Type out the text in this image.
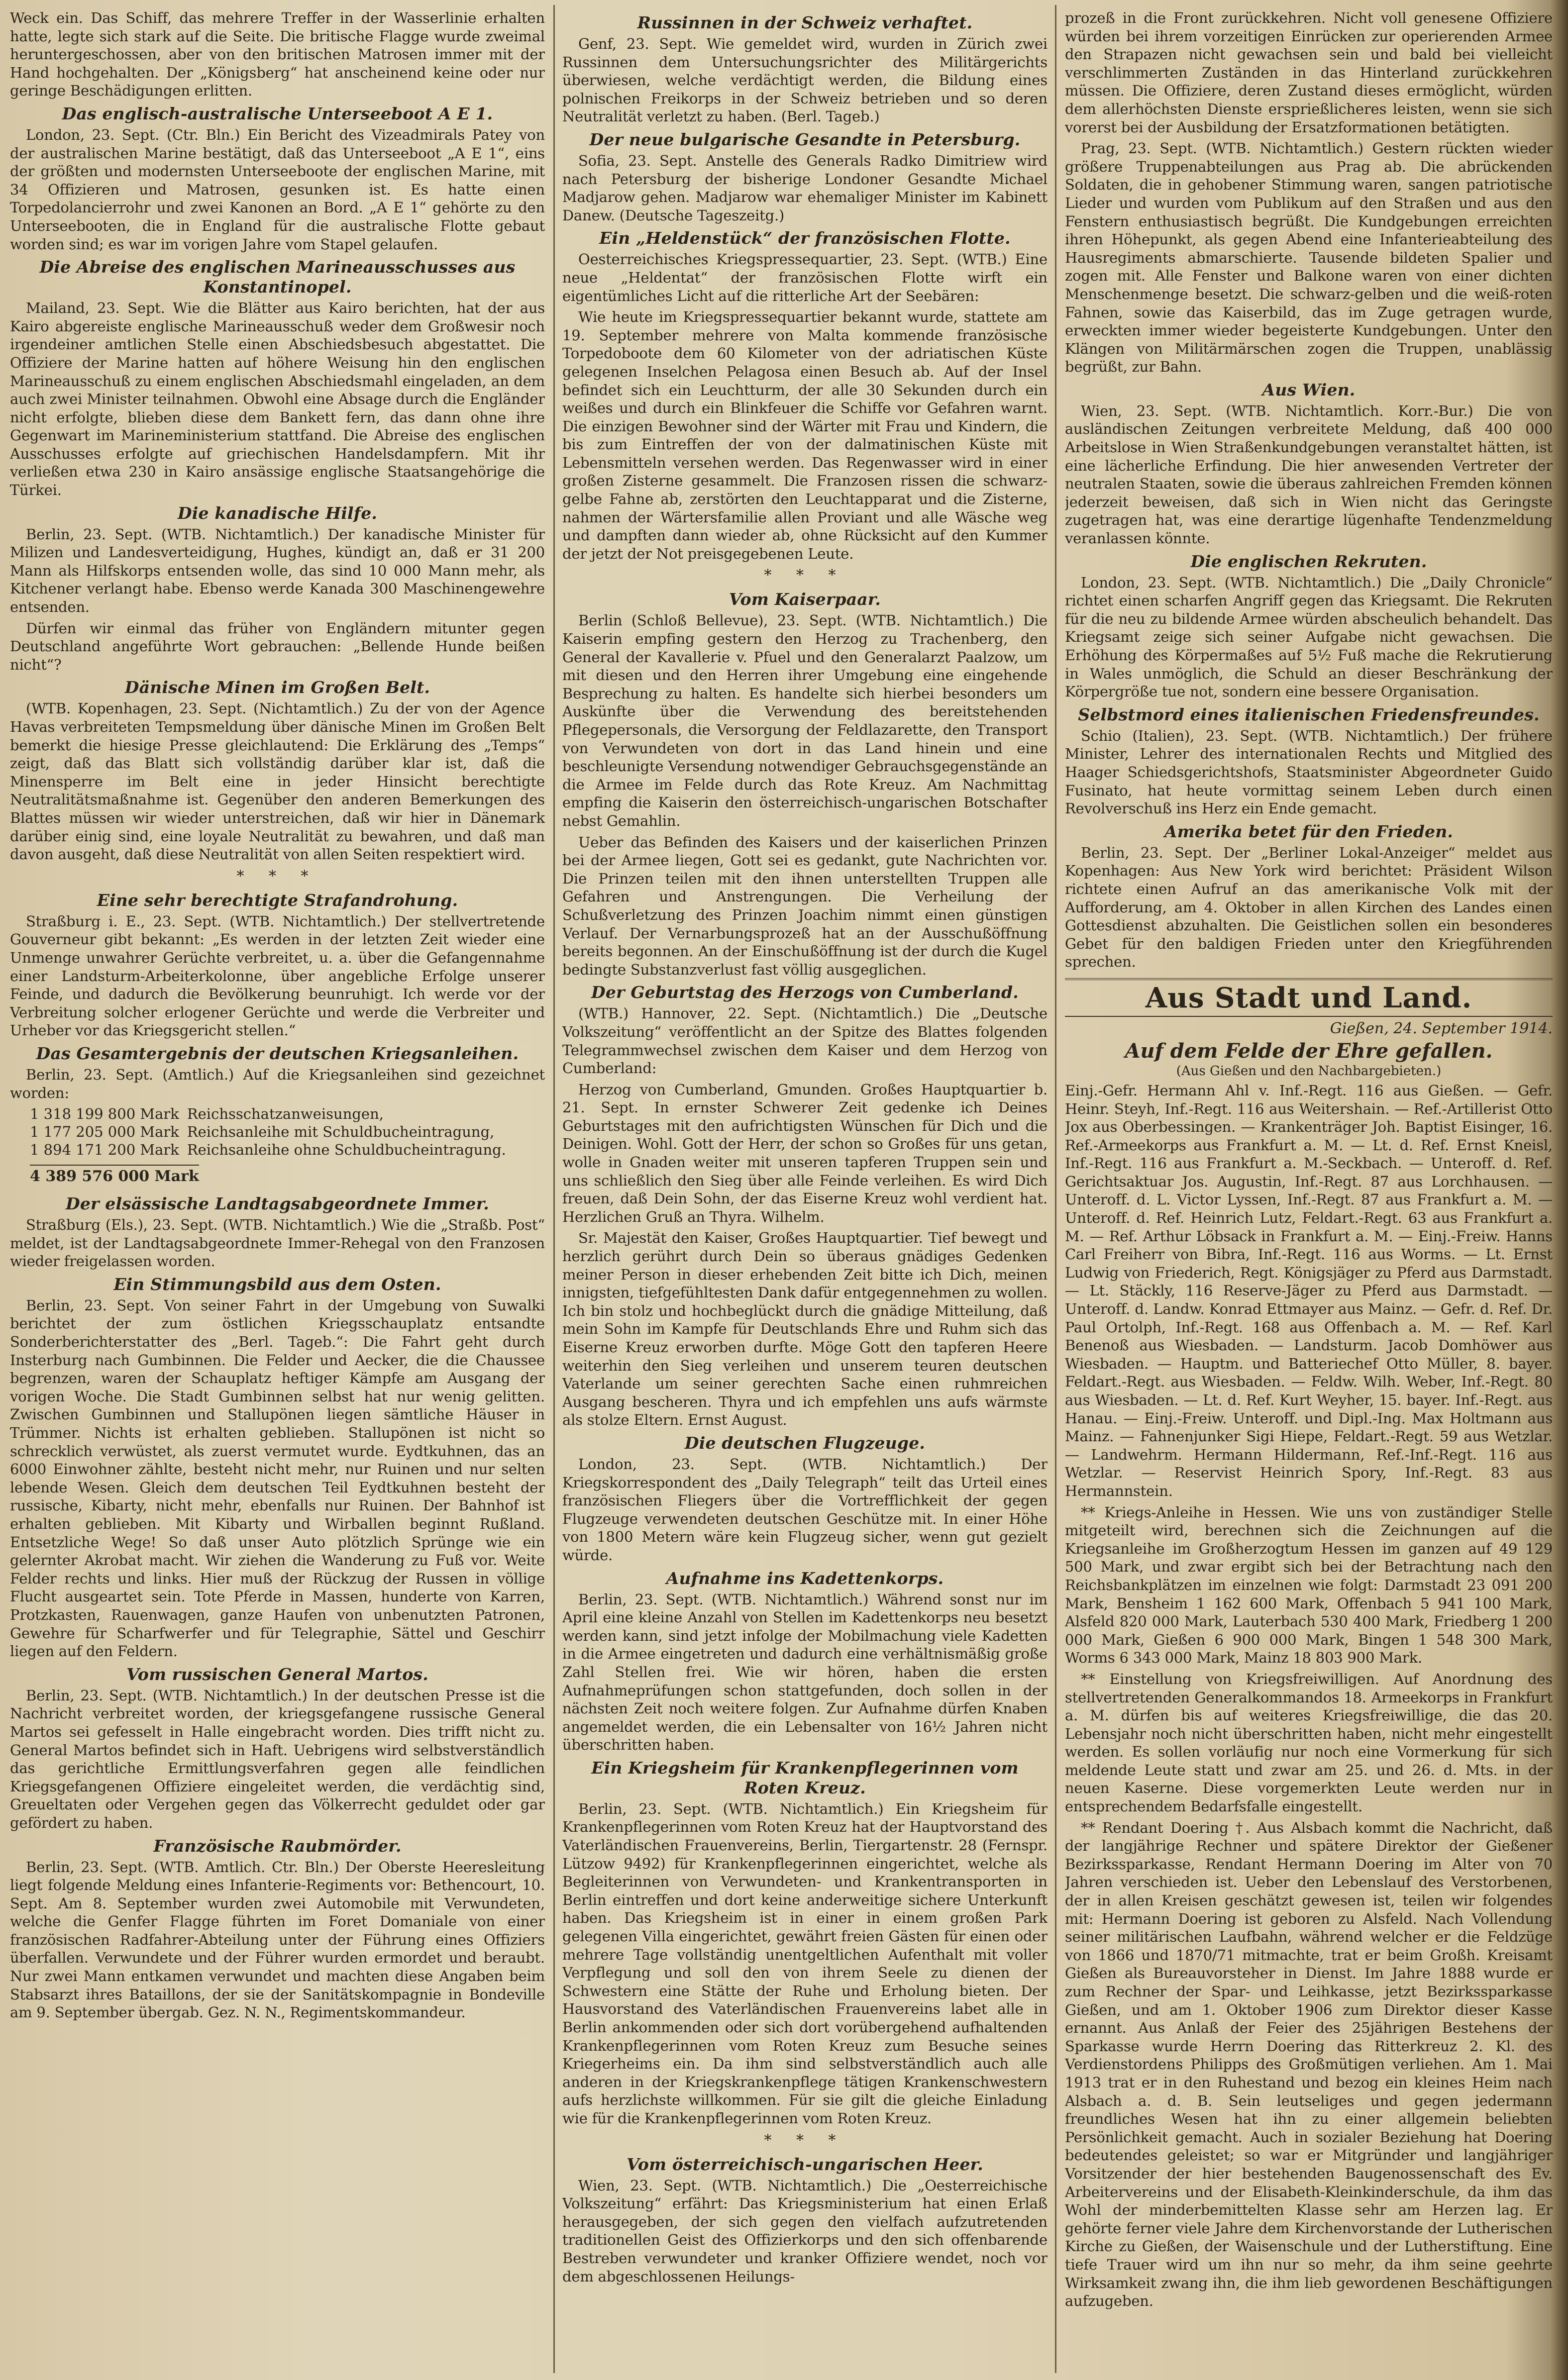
Weck ein. Das Schiff, das mehrere Treffer in der Wasserlinie erhalten hatte, legte sich stark auf die Seite. Die britische Flagge wurde zweimal heruntergeschossen, aber von den britischen Matrosen immer mit der Hand hochgehalten. Der „Königsberg“ hat anscheinend keine oder nur geringe Beschädigungen erlitten.

Das englisch-australische Unterseeboot A E 1.

London, 23. Sept. (Ctr. Bln.) Ein Bericht des Vizeadmirals Patey von der australischen Marine bestätigt, daß das Unterseeboot „A E 1“, eins der größten und modernsten Unterseeboote der englischen Marine, mit 34 Offizieren und Matrosen, gesunken ist. Es hatte einen Torpedolancierrohr und zwei Kanonen an Bord. „A E 1“ gehörte zu den Unterseebooten, die in England für die australische Flotte gebaut worden sind; es war im vorigen Jahre vom Stapel gelaufen.

Die Abreise des englischen Marineausschusses aus Konstantinopel.

Mailand, 23. Sept. Wie die Blätter aus Kairo berichten, hat der aus Kairo abgereiste englische Marineausschuß weder dem Großwesir noch irgendeiner amtlichen Stelle einen Abschiedsbesuch abgestattet. Die Offiziere der Marine hatten auf höhere Weisung hin den englischen Marineausschuß zu einem englischen Abschiedsmahl eingeladen, an dem auch zwei Minister teilnahmen. Obwohl eine Absage durch die Engländer nicht erfolgte, blieben diese dem Bankett fern, das dann ohne ihre Gegenwart im Marineministerium stattfand. Die Abreise des englischen Ausschusses erfolgte auf griechischen Handelsdampfern. Mit ihr verließen etwa 230 in Kairo ansässige englische Staatsangehörige die Türkei.

Die kanadische Hilfe.

Berlin, 23. Sept. (WTB. Nichtamtlich.) Der kanadische Minister für Milizen und Landesverteidigung, Hughes, kündigt an, daß er 31 200 Mann als Hilfskorps entsenden wolle, das sind 10 000 Mann mehr, als Kitchener verlangt habe. Ebenso werde Kanada 300 Maschinengewehre entsenden.

Dürfen wir einmal das früher von Engländern mitunter gegen Deutschland angeführte Wort gebrauchen: „Bellende Hunde beißen nicht“?

Dänische Minen im Großen Belt.

(WTB. Kopenhagen, 23. Sept. (Nichtamtlich.) Zu der von der Agence Havas verbreiteten Tempsmeldung über dänische Minen im Großen Belt bemerkt die hiesige Presse gleichlautend: Die Erklärung des „Temps“ zeigt, daß das Blatt sich vollständig darüber klar ist, daß die Minensperre im Belt eine in jeder Hinsicht berechtigte Neutralitätsmaßnahme ist. Gegenüber den anderen Bemerkungen des Blattes müssen wir wieder unterstreichen, daß wir hier in Dänemark darüber einig sind, eine loyale Neutralität zu bewahren, und daß man davon ausgeht, daß diese Neutralität von allen Seiten respektiert wird.

* * *
Eine sehr berechtigte Strafandrohung.

Straßburg i. E., 23. Sept. (WTB. Nichtamtlich.) Der stellvertretende Gouverneur gibt bekannt: „Es werden in der letzten Zeit wieder eine Unmenge unwahrer Gerüchte verbreitet, u. a. über die Gefangennahme einer Landsturm-Arbeiterkolonne, über angebliche Erfolge unserer Feinde, und dadurch die Bevölkerung beunruhigt. Ich werde vor der Verbreitung solcher erlogener Gerüchte und werde die Verbreiter und Urheber vor das Kriegsgericht stellen.“

Das Gesamtergebnis der deutschen Kriegsanleihen.

Berlin, 23. Sept. (Amtlich.) Auf die Kriegsanleihen sind gezeichnet worden:

1 318 199 800 Mark	Reichsschatzanweisungen,
1 177 205 000 Mark	Reichsanleihe mit Schuldbucheintragung,
1 894 171 200 Mark	Reichsanleihe ohne Schuldbucheintragung.
4 389 576 000 Mark
Der elsässische Landtagsabgeordnete Immer.

Straßburg (Els.), 23. Sept. (WTB. Nichtamtlich.) Wie die „Straßb. Post“ meldet, ist der Landtagsabgeordnete Immer-Rehegal von den Franzosen wieder freigelassen worden.

Ein Stimmungsbild aus dem Osten.

Berlin, 23. Sept. Von seiner Fahrt in der Umgebung von Suwalki berichtet der zum östlichen Kriegsschauplatz entsandte Sonderberichterstatter des „Berl. Tageb.“: Die Fahrt geht durch Insterburg nach Gumbinnen. Die Felder und Aecker, die die Chaussee begrenzen, waren der Schauplatz heftiger Kämpfe am Ausgang der vorigen Woche. Die Stadt Gumbinnen selbst hat nur wenig gelitten. Zwischen Gumbinnen und Stallupönen liegen sämtliche Häuser in Trümmer. Nichts ist erhalten geblieben. Stallupönen ist nicht so schrecklich verwüstet, als zuerst vermutet wurde. Eydtkuhnen, das an 6000 Einwohner zählte, besteht nicht mehr, nur Ruinen und nur selten lebende Wesen. Gleich dem deutschen Teil Eydtkuhnen besteht der russische, Kibarty, nicht mehr, ebenfalls nur Ruinen. Der Bahnhof ist erhalten geblieben. Mit Kibarty und Wirballen beginnt Rußland. Entsetzliche Wege! So daß unser Auto plötzlich Sprünge wie ein gelernter Akrobat macht. Wir ziehen die Wanderung zu Fuß vor. Weite Felder rechts und links. Hier muß der Rückzug der Russen in völlige Flucht ausgeartet sein. Tote Pferde in Massen, hunderte von Karren, Protzkasten, Rauenwagen, ganze Haufen von unbenutzten Patronen, Gewehre für Scharfwerfer und für Telegraphie, Sättel und Geschirr liegen auf den Feldern.

Vom russischen General Martos.

Berlin, 23. Sept. (WTB. Nichtamtlich.) In der deutschen Presse ist die Nachricht verbreitet worden, der kriegsgefangene russische General Martos sei gefesselt in Halle eingebracht worden. Dies trifft nicht zu. General Martos befindet sich in Haft. Uebrigens wird selbstverständlich das gerichtliche Ermittlungsverfahren gegen alle feindlichen Kriegsgefangenen Offiziere eingeleitet werden, die verdächtig sind, Greueltaten oder Vergehen gegen das Völkerrecht geduldet oder gar gefördert zu haben.

Französische Raubmörder.

Berlin, 23. Sept. (WTB. Amtlich. Ctr. Bln.) Der Oberste Heeresleitung liegt folgende Meldung eines Infanterie-Regiments vor: Bethencourt, 10. Sept. Am 8. September wurden zwei Automobile mit Verwundeten, welche die Genfer Flagge führten im Foret Domaniale von einer französischen Radfahrer-Abteilung unter der Führung eines Offiziers überfallen. Verwundete und der Führer wurden ermordet und beraubt. Nur zwei Mann entkamen verwundet und machten diese Angaben beim Stabsarzt ihres Bataillons, der sie der Sanitätskompagnie in Bondeville am 9. September übergab. Gez. N. N., Regimentskommandeur.

Russinnen in der Schweiz verhaftet.

Genf, 23. Sept. Wie gemeldet wird, wurden in Zürich zwei Russinnen dem Untersuchungsrichter des Militärgerichts überwiesen, welche verdächtigt werden, die Bildung eines polnischen Freikorps in der Schweiz betrieben und so deren Neutralität verletzt zu haben. (Berl. Tageb.)

Der neue bulgarische Gesandte in Petersburg.

Sofia, 23. Sept. Anstelle des Generals Radko Dimitriew wird nach Petersburg der bisherige Londoner Gesandte Michael Madjarow gehen. Madjarow war ehemaliger Minister im Kabinett Danew. (Deutsche Tageszeitg.)

Ein „Heldenstück“ der französischen Flotte.

Oesterreichisches Kriegspressequartier, 23. Sept. (WTB.) Eine neue „Heldentat“ der französischen Flotte wirft ein eigentümliches Licht auf die ritterliche Art der Seebären:

Wie heute im Kriegspressequartier bekannt wurde, stattete am 19. September mehrere von Malta kommende französische Torpedoboote dem 60 Kilometer von der adriatischen Küste gelegenen Inselchen Pelagosa einen Besuch ab. Auf der Insel befindet sich ein Leuchtturm, der alle 30 Sekunden durch ein weißes und durch ein Blinkfeuer die Schiffe vor Gefahren warnt. Die einzigen Bewohner sind der Wärter mit Frau und Kindern, die bis zum Eintreffen der von der dalmatinischen Küste mit Lebensmitteln versehen werden. Das Regenwasser wird in einer großen Zisterne gesammelt. Die Franzosen rissen die schwarz-gelbe Fahne ab, zerstörten den Leuchtapparat und die Zisterne, nahmen der Wärtersfamilie allen Proviant und alle Wäsche weg und dampften dann wieder ab, ohne Rücksicht auf den Kummer der jetzt der Not preisgegebenen Leute.

* * *
Vom Kaiserpaar.

Berlin (Schloß Bellevue), 23. Sept. (WTB. Nichtamtlich.) Die Kaiserin empfing gestern den Herzog zu Trachenberg, den General der Kavallerie v. Pfuel und den Generalarzt Paalzow, um mit diesen und den Herren ihrer Umgebung eine eingehende Besprechung zu halten. Es handelte sich hierbei besonders um Auskünfte über die Verwendung des bereitstehenden Pflegepersonals, die Versorgung der Feldlazarette, den Transport von Verwundeten von dort in das Land hinein und eine beschleunigte Versendung notwendiger Gebrauchsgegenstände an die Armee im Felde durch das Rote Kreuz. Am Nachmittag empfing die Kaiserin den österreichisch-ungarischen Botschafter nebst Gemahlin.

Ueber das Befinden des Kaisers und der kaiserlichen Prinzen bei der Armee liegen, Gott sei es gedankt, gute Nachrichten vor. Die Prinzen teilen mit den ihnen unterstellten Truppen alle Gefahren und Anstrengungen. Die Verheilung der Schußverletzung des Prinzen Joachim nimmt einen günstigen Verlauf. Der Vernarbungsprozeß hat an der Ausschußöffnung bereits begonnen. An der Einschußöffnung ist der durch die Kugel bedingte Substanzverlust fast völlig ausgeglichen.

Der Geburtstag des Herzogs von Cumberland.

(WTB.) Hannover, 22. Sept. (Nichtamtlich.) Die „Deutsche Volkszeitung“ veröffentlicht an der Spitze des Blattes folgenden Telegrammwechsel zwischen dem Kaiser und dem Herzog von Cumberland:

Herzog von Cumberland, Gmunden. Großes Hauptquartier b. 21. Sept. In ernster Schwerer Zeit gedenke ich Deines Geburtstages mit den aufrichtigsten Wünschen für Dich und die Deinigen. Wohl. Gott der Herr, der schon so Großes für uns getan, wolle in Gnaden weiter mit unseren tapferen Truppen sein und uns schließlich den Sieg über alle Feinde verleihen. Es wird Dich freuen, daß Dein Sohn, der das Eiserne Kreuz wohl verdient hat. Herzlichen Gruß an Thyra. Wilhelm.

Sr. Majestät den Kaiser, Großes Hauptquartier. Tief bewegt und herzlich gerührt durch Dein so überaus gnädiges Gedenken meiner Person in dieser erhebenden Zeit bitte ich Dich, meinen innigsten, tiefgefühltesten Dank dafür entgegennehmen zu wollen. Ich bin stolz und hochbeglückt durch die gnädige Mitteilung, daß mein Sohn im Kampfe für Deutschlands Ehre und Ruhm sich das Eiserne Kreuz erworben durfte. Möge Gott den tapferen Heere weiterhin den Sieg verleihen und unserem teuren deutschen Vaterlande um seiner gerechten Sache einen ruhmreichen Ausgang bescheren. Thyra und ich empfehlen uns aufs wärmste als stolze Eltern. Ernst August.

Die deutschen Flugzeuge.

London, 23. Sept. (WTB. Nichtamtlich.) Der Kriegskorrespondent des „Daily Telegraph“ teilt das Urteil eines französischen Fliegers über die Vortrefflichkeit der gegen Flugzeuge verwendeten deutschen Geschütze mit. In einer Höhe von 1800 Metern wäre kein Flugzeug sicher, wenn gut gezielt würde.

Aufnahme ins Kadettenkorps.

Berlin, 23. Sept. (WTB. Nichtamtlich.) Während sonst nur im April eine kleine Anzahl von Stellen im Kadettenkorps neu besetzt werden kann, sind jetzt infolge der Mobilmachung viele Kadetten in die Armee eingetreten und dadurch eine verhältnismäßig große Zahl Stellen frei. Wie wir hören, haben die ersten Aufnahmeprüfungen schon stattgefunden, doch sollen in der nächsten Zeit noch weitere folgen. Zur Aufnahme dürfen Knaben angemeldet werden, die ein Lebensalter von 16½ Jahren nicht überschritten haben.

Ein Kriegsheim für Krankenpflegerinnen vom Roten Kreuz.

Berlin, 23. Sept. (WTB. Nichtamtlich.) Ein Kriegsheim für Krankenpflegerinnen vom Roten Kreuz hat der Hauptvorstand des Vaterländischen Frauenvereins, Berlin, Tiergartenstr. 28 (Fernspr. Lützow 9492) für Krankenpflegerinnen eingerichtet, welche als Begleiterinnen von Verwundeten- und Krankentransporten in Berlin eintreffen und dort keine anderweitige sichere Unterkunft haben. Das Kriegsheim ist in einer in einem großen Park gelegenen Villa eingerichtet, gewährt freien Gästen für einen oder mehrere Tage vollständig unentgeltlichen Aufenthalt mit voller Verpflegung und soll den von ihrem Seele zu dienen der Schwestern eine Stätte der Ruhe und Erholung bieten. Der Hausvorstand des Vaterländischen Frauenvereins labet alle in Berlin ankommenden oder sich dort vorübergehend aufhaltenden Krankenpflegerinnen vom Roten Kreuz zum Besuche seines Kriegerheims ein. Da ihm sind selbstverständlich auch alle anderen in der Kriegskrankenpflege tätigen Krankenschwestern aufs herzlichste willkommen. Für sie gilt die gleiche Einladung wie für die Krankenpflegerinnen vom Roten Kreuz.

* * *
Vom österreichisch-ungarischen Heer.

Wien, 23. Sept. (WTB. Nichtamtlich.) Die „Oesterreichische Volkszeitung“ erfährt: Das Kriegsministerium hat einen Erlaß herausgegeben, der sich gegen den vielfach aufzutretenden traditionellen Geist des Offizierkorps und den sich offenbarende Bestreben verwundeter und kranker Offiziere wendet, noch vor dem abgeschlossenen Heilungs-

prozeß in die Front zurückkehren. Nicht voll genesene Offiziere würden bei ihrem vorzeitigen Einrücken zur operierenden Armee den Strapazen nicht gewachsen sein und bald bei vielleicht verschlimmerten Zuständen in das Hinterland zurückkehren müssen. Die Offiziere, deren Zustand dieses ermöglicht, würden dem allerhöchsten Dienste ersprießlicheres leisten, wenn sie sich vorerst bei der Ausbildung der Ersatzformationen betätigten.

Prag, 23. Sept. (WTB. Nichtamtlich.) Gestern rückten wieder größere Truppenabteilungen aus Prag ab. Die abrückenden Soldaten, die in gehobener Stimmung waren, sangen patriotische Lieder und wurden vom Publikum auf den Straßen und aus den Fenstern enthusiastisch begrüßt. Die Kundgebungen erreichten ihren Höhepunkt, als gegen Abend eine Infanterieabteilung des Hausregiments abmarschierte. Tausende bildeten Spalier und zogen mit. Alle Fenster und Balkone waren von einer dichten Menschenmenge besetzt. Die schwarz-gelben und die weiß-roten Fahnen, sowie das Kaiserbild, das im Zuge getragen wurde, erweckten immer wieder begeisterte Kundgebungen. Unter den Klängen von Militärmärschen zogen die Truppen, unablässig begrüßt, zur Bahn.

Aus Wien.

Wien, 23. Sept. (WTB. Nichtamtlich. Korr.-Bur.) Die von ausländischen Zeitungen verbreitete Meldung, daß 400 000 Arbeitslose in Wien Straßenkundgebungen veranstaltet hätten, ist eine lächerliche Erfindung. Die hier anwesenden Vertreter der neutralen Staaten, sowie die überaus zahlreichen Fremden können jederzeit beweisen, daß sich in Wien nicht das Geringste zugetragen hat, was eine derartige lügenhafte Tendenzmeldung veranlassen könnte.

Die englischen Rekruten.

London, 23. Sept. (WTB. Nichtamtlich.) Die „Daily Chronicle“ richtet einen scharfen Angriff gegen das Kriegsamt. Die Rekruten für die neu zu bildende Armee würden abscheulich behandelt. Das Kriegsamt zeige sich seiner Aufgabe nicht gewachsen. Die Erhöhung des Körpermaßes auf 5½ Fuß mache die Rekrutierung in Wales unmöglich, die Schuld an dieser Beschränkung der Körpergröße tue not, sondern eine bessere Organisation.

Selbstmord eines italienischen Friedensfreundes.

Schio (Italien), 23. Sept. (WTB. Nichtamtlich.) Der frühere Minister, Lehrer des internationalen Rechts und Mitglied des Haager Schiedsgerichtshofs, Staatsminister Abgeordneter Guido Fusinato, hat heute vormittag seinem Leben durch einen Revolverschuß ins Herz ein Ende gemacht.

Amerika betet für den Frieden.

Berlin, 23. Sept. Der „Berliner Lokal-Anzeiger“ meldet aus Kopenhagen: Aus New York wird berichtet: Präsident Wilson richtete einen Aufruf an das amerikanische Volk mit der Aufforderung, am 4. Oktober in allen Kirchen des Landes einen Gottesdienst abzuhalten. Die Geistlichen sollen ein besonderes Gebet für den baldigen Frieden unter den Kriegführenden sprechen.

Aus Stadt und Land.
Gießen, 24. September 1914.
Auf dem Felde der Ehre gefallen.
(Aus Gießen und den Nachbargebieten.)

Einj.-Gefr. Hermann Ahl v. Inf.-Regt. 116 aus Gießen. — Gefr. Heinr. Steyh, Inf.-Regt. 116 aus Weitershain. — Ref.-Artillerist Otto Jox aus Oberbessingen. — Krankenträger Joh. Baptist Eisinger, 16. Ref.-Armeekorps aus Frankfurt a. M. — Lt. d. Ref. Ernst Kneisl, Inf.-Regt. 116 aus Frankfurt a. M.-Seckbach. — Unteroff. d. Ref. Gerichtsaktuar Jos. Augustin, Inf.-Regt. 87 aus Lorchhausen. — Unteroff. d. L. Victor Lyssen, Inf.-Regt. 87 aus Frankfurt a. M. — Unteroff. d. Ref. Heinrich Lutz, Feldart.-Regt. 63 aus Frankfurt a. M. — Ref. Arthur Löbsack in Frankfurt a. M. — Einj.-Freiw. Hanns Carl Freiherr von Bibra, Inf.-Regt. 116 aus Worms. — Lt. Ernst Ludwig von Friederich, Regt. Königsjäger zu Pferd aus Darmstadt. — Lt. Stäckly, 116 Reserve-Jäger zu Pferd aus Darmstadt. — Unteroff. d. Landw. Konrad Ettmayer aus Mainz. — Gefr. d. Ref. Dr. Paul Ortolph, Inf.-Regt. 168 aus Offenbach a. M. — Ref. Karl Benenoß aus Wiesbaden. — Landsturm. Jacob Domhöwer aus Wiesbaden. — Hauptm. und Batteriechef Otto Müller, 8. bayer. Feldart.-Regt. aus Wiesbaden. — Feldw. Wilh. Weber, Inf.-Regt. 80 aus Wiesbaden. — Lt. d. Ref. Kurt Weyher, 15. bayer. Inf.-Regt. aus Hanau. — Einj.-Freiw. Unteroff. und Dipl.-Ing. Max Holtmann aus Mainz. — Fahnenjunker Sigi Hiepe, Feldart.-Regt. 59 aus Wetzlar. — Landwehrm. Hermann Hildermann, Ref.-Inf.-Regt. 116 aus Wetzlar. — Reservist Heinrich Spory, Inf.-Regt. 83 aus Hermannstein.

** Kriegs-Anleihe in Hessen. Wie uns von zuständiger Stelle mitgeteilt wird, berechnen sich die Zeichnungen auf die Kriegsanleihe im Großherzogtum Hessen im ganzen auf 49 129 500 Mark, und zwar ergibt sich bei der Betrachtung nach den Reichsbankplätzen im einzelnen wie folgt: Darmstadt 23 091 200 Mark, Bensheim 1 162 600 Mark, Offenbach 5 941 100 Mark, Alsfeld 820 000 Mark, Lauterbach 530 400 Mark, Friedberg 1 200 000 Mark, Gießen 6 900 000 Mark, Bingen 1 548 300 Mark, Worms 6 343 000 Mark, Mainz 18 803 900 Mark.

** Einstellung von Kriegsfreiwilligen. Auf Anordnung des stellvertretenden Generalkommandos 18. Armeekorps in Frankfurt a. M. dürfen bis auf weiteres Kriegsfreiwillige, die das 20. Lebensjahr noch nicht überschritten haben, nicht mehr eingestellt werden. Es sollen vorläufig nur noch eine Vormerkung für sich meldende Leute statt und zwar am 25. und 26. d. Mts. in der neuen Kaserne. Diese vorgemerkten Leute werden nur in entsprechendem Bedarfsfalle eingestellt.

** Rendant Doering †. Aus Alsbach kommt die Nachricht, daß der langjährige Rechner und spätere Direktor der Gießener Bezirkssparkasse, Rendant Hermann Doering im Alter von 70 Jahren verschieden ist. Ueber den Lebenslauf des Verstorbenen, der in allen Kreisen geschätzt gewesen ist, teilen wir folgendes mit: Hermann Doering ist geboren zu Alsfeld. Nach Vollendung seiner militärischen Laufbahn, während welcher er die Feldzüge von 1866 und 1870/71 mitmachte, trat er beim Großh. Kreisamt Gießen als Bureauvorsteher in Dienst. Im Jahre 1888 wurde er zum Rechner der Spar- und Leihkasse, jetzt Bezirkssparkasse Gießen, und am 1. Oktober 1906 zum Direktor dieser Kasse ernannt. Aus Anlaß der Feier des 25jährigen Bestehens der Sparkasse wurde Herrn Doering das Ritterkreuz 2. Kl. des Verdienstordens Philipps des Großmütigen verliehen. Am 1. Mai 1913 trat er in den Ruhestand und bezog ein kleines Heim nach Alsbach a. d. B. Sein leutseliges und gegen jedermann freundliches Wesen hat ihn zu einer allgemein beliebten Persönlichkeit gemacht. Auch in sozialer Beziehung hat Doering bedeutendes geleistet; so war er Mitgründer und langjähriger Vorsitzender der hier bestehenden Baugenossenschaft des Ev. Arbeitervereins und der Elisabeth-Kleinkinderschule, da ihm das Wohl der minderbemittelten Klasse sehr am Herzen lag. Er gehörte ferner viele Jahre dem Kirchenvorstande der Lutherischen Kirche zu Gießen, der Waisenschule und der Lutherstiftung. Eine tiefe Trauer wird um ihn nur so mehr, da ihm seine geehrte Wirksamkeit zwang ihn, die ihm lieb gewordenen Beschäftigungen aufzugeben.
